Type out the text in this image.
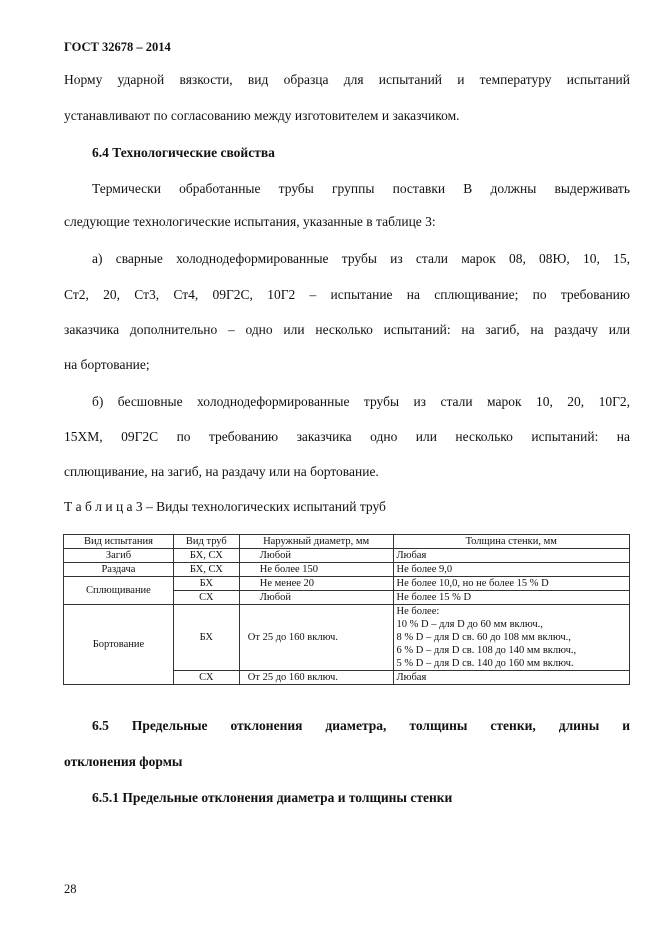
ГОСТ 32678 – 2014
Норму ударной вязкости, вид образца для испытаний и температуру испытаний
устанавливают по согласованию между изготовителем и заказчиком.
6.4 Технологические свойства
Термически обработанные трубы группы поставки В должны выдерживать
следующие технологические испытания, указанные в таблице 3:
а) сварные холоднодеформированные трубы из стали марок 08, 08Ю, 10, 15,
Ст2, 20, Ст3, Ст4, 09Г2С, 10Г2 – испытание на сплющивание; по требованию
заказчика дополнительно – одно или несколько испытаний: на загиб, на раздачу или
на бортование;
б) бесшовные холоднодеформированные трубы из стали марок 10, 20, 10Г2,
15ХМ, 09Г2С по требованию заказчика одно или несколько испытаний: на
сплющивание, на загиб, на раздачу или на бортование.
Т а б л и ц а 3 – Виды технологических испытаний труб
Вид испытания	Вид труб	Наружный диаметр, мм	Толщина стенки, мм
Загиб	БХ, СХ	Любой	Любая
Раздача	БХ, СХ	Не более 150	Не более 9,0
Сплющивание	БХ	Не менее 20	Не более 10,0, но не более 15 % D
	СХ	Любой	Не более 15 % D
Бортование	БХ	От 25 до 160 включ.	Не более:
10 % D – для D до 60 мм включ.,
8 % D – для D св. 60 до 108 мм включ.,
6 % D – для D св. 108 до 140 мм включ.,
5 % D – для D св. 140 до 160 мм включ.

	СХ	От 25 до 160 включ.	Любая
6.5 Предельные отклонения диаметра, толщины стенки, длины и
отклонения формы
6.5.1 Предельные отклонения диаметра и толщины стенки
28
